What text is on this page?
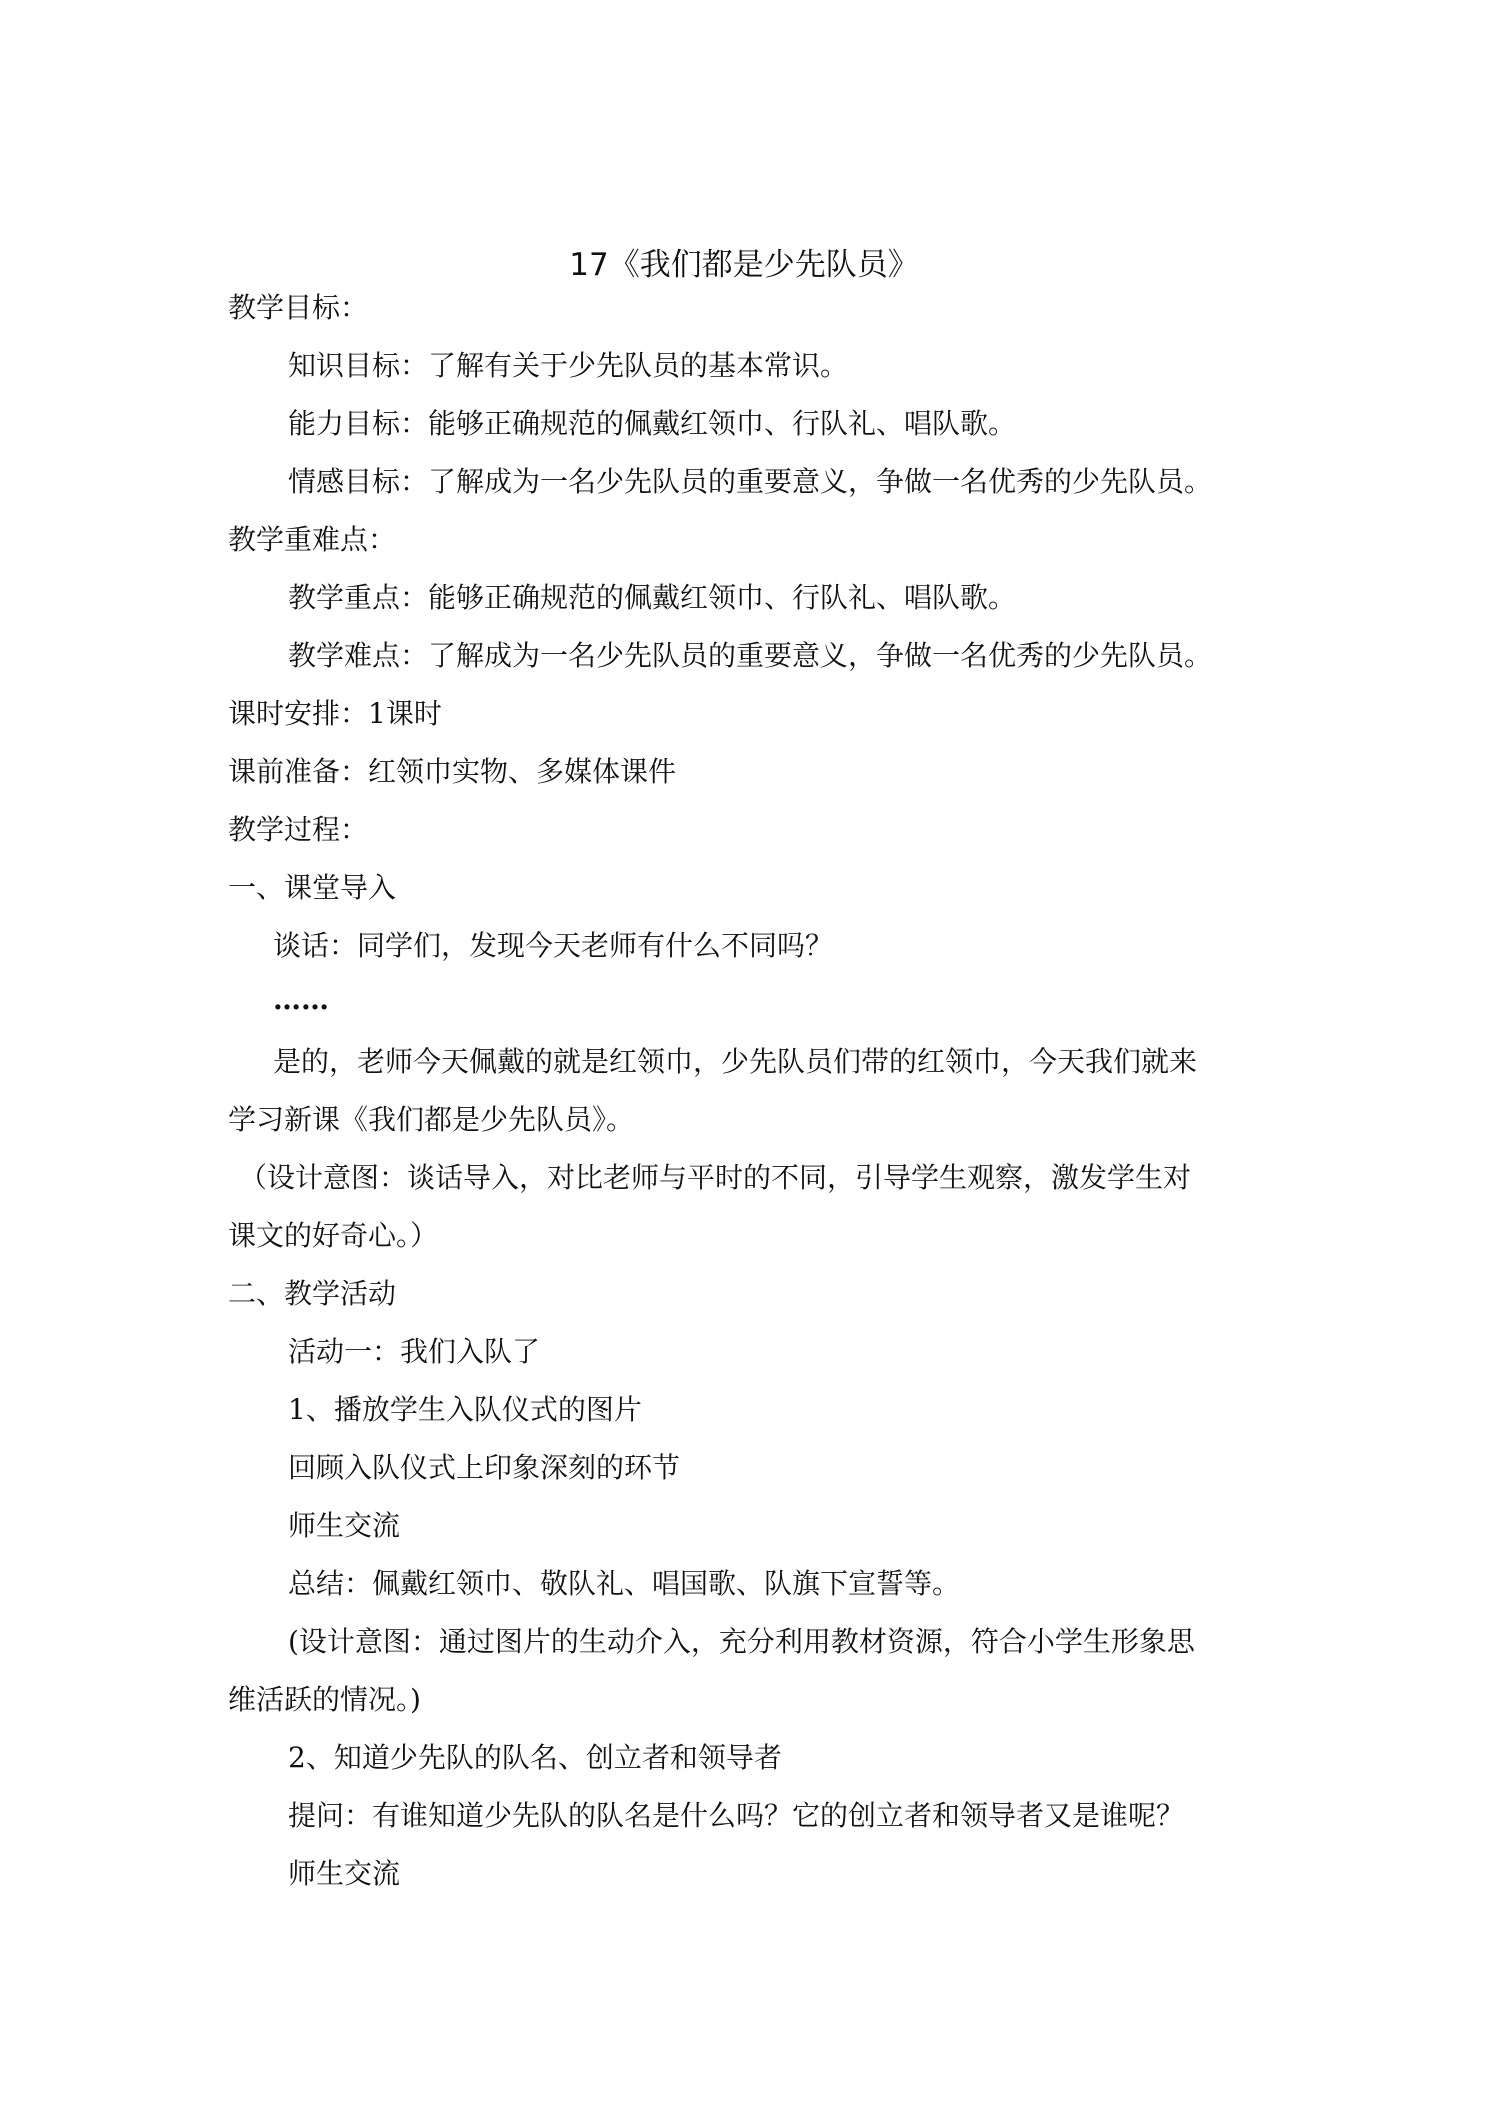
17《我们都是少先队员》

教学目标：

知识目标：了解有关于少先队员的基本常识。

能力目标：能够正确规范的佩戴红领巾、行队礼、唱队歌。

情感目标：了解成为一名少先队员的重要意义，争做一名优秀的少先队员。

教学重难点：

教学重点：能够正确规范的佩戴红领巾、行队礼、唱队歌。

教学难点：了解成为一名少先队员的重要意义，争做一名优秀的少先队员。

课时安排：1课时

课前准备：红领巾实物、多媒体课件

教学过程：

一、课堂导入

谈话：同学们，发现今天老师有什么不同吗？

……

是的，老师今天佩戴的就是红领巾，少先队员们带的红领巾，今天我们就来

学习新课《我们都是少先队员》。

（设计意图：谈话导入，对比老师与平时的不同，引导学生观察，激发学生对

课文的好奇心。）

二、教学活动

活动一：我们入队了

1、播放学生入队仪式的图片

回顾入队仪式上印象深刻的环节

师生交流

总结：佩戴红领巾、敬队礼、唱国歌、队旗下宣誓等。

(设计意图：通过图片的生动介入，充分利用教材资源，符合小学生形象思

维活跃的情况。)

2、知道少先队的队名、创立者和领导者

提问：有谁知道少先队的队名是什么吗？它的创立者和领导者又是谁呢？

师生交流
